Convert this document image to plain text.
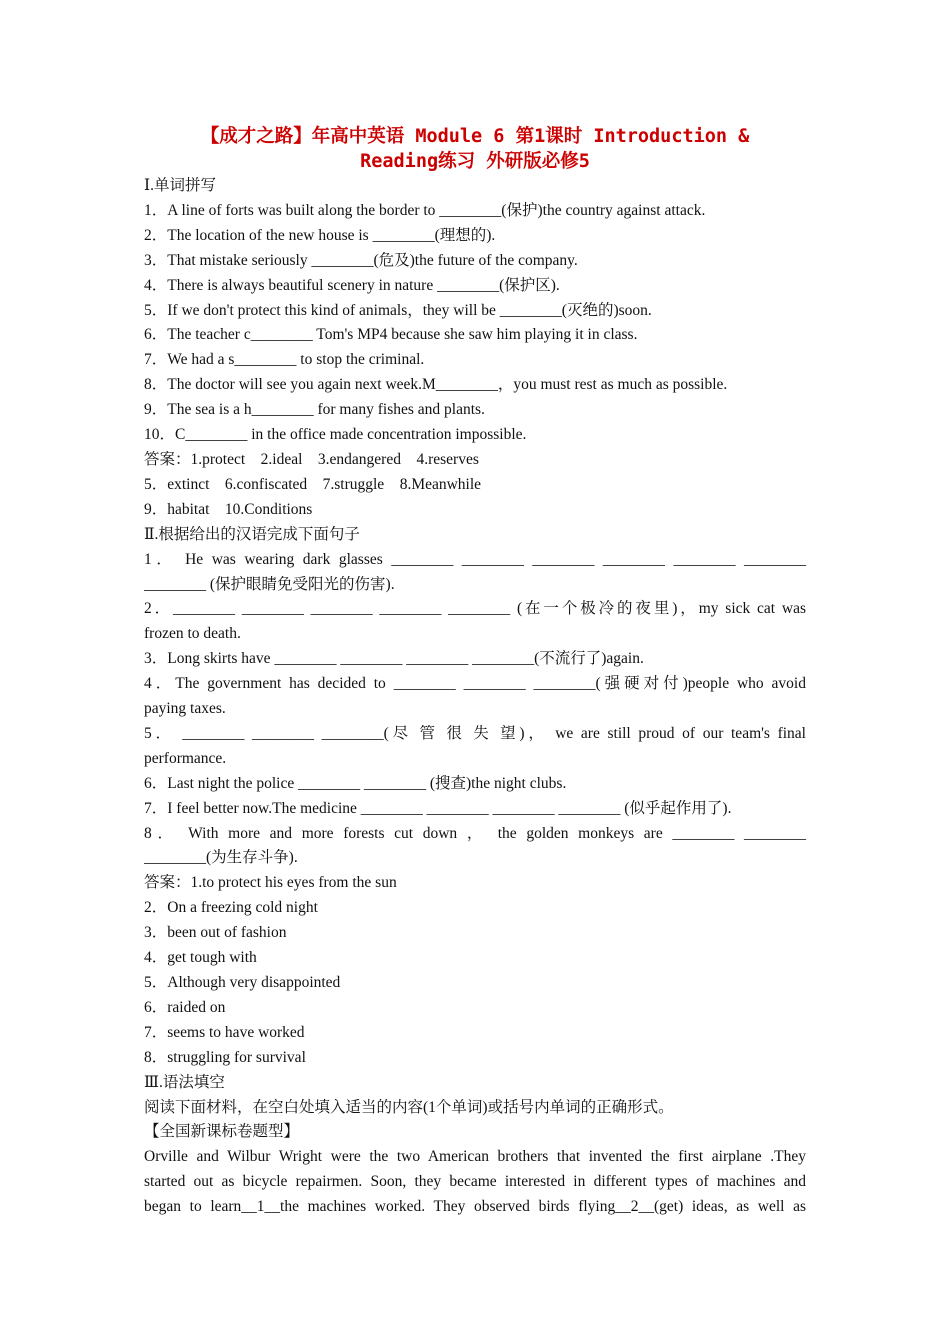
【成才之路】年高中英语 Module 6 第1课时 Introduction &
Reading练习 外研版必修5
Ⅰ.单词拼写
1．A line of forts was built along the border to ________(保护)the country against attack.
2．The location of the new house is ________(理想的).
3．That mistake seriously ________(危及)the future of the company.
4．There is always beautiful scenery in nature ________(保护区).
5．If we don't protect this kind of animals，they will be ________(灭绝的)soon.
6．The teacher c________ Tom's MP4 because she saw him playing it in class.
7．We had a s________ to stop the criminal.
8．The doctor will see you again next week.M________，you must rest as much as possible.
9．The sea is a h________ for many fishes and plants.
10．C________ in the office made concentration impossible.
答案：1.protect　2.ideal　3.endangered　4.reserves
5．extinct　6.confiscated　7.struggle　8.Meanwhile
9．habitat　10.Conditions
Ⅱ.根据给出的汉语完成下面句子
1． He was wearing dark glasses ________ ________ ________ ________ ________ ________
________ (保护眼睛免受阳光的伤害).
2．________ ________ ________ ________ ________ (在一个极冷的夜里)，my sick cat was
frozen to death.
3．Long skirts have ________ ________ ________ ________(不流行了)again.
4．The government has decided to ________ ________ ________(强硬对付)people who avoid
paying taxes.
5． ________ ________ ________(尽 管 很 失 望)， we are still proud of our team's final
performance.
6．Last night the police ________ ________ (搜查)the night clubs.
7．I feel better now.The medicine ________ ________ ________ ________ (似乎起作用了).
8． With more and more forests cut down ， the golden monkeys are ________ ________
________(为生存斗争).
答案：1.to protect his eyes from the sun
2．On a freezing cold night
3．been out of fashion
4．get tough with
5．Although very disappointed
6．raided on
7．seems to have worked
8．struggling for survival
Ⅲ.语法填空
阅读下面材料，在空白处填入适当的内容(1个单词)或括号内单词的正确形式。
【全国新课标卷题型】
Orville and Wilbur Wright were the two American brothers that invented the first airplane .They
started out as bicycle repairmen. Soon, they became interested in different types of machines and
began to learn__1__the machines worked. They observed birds flying__2__(get) ideas, as well as
